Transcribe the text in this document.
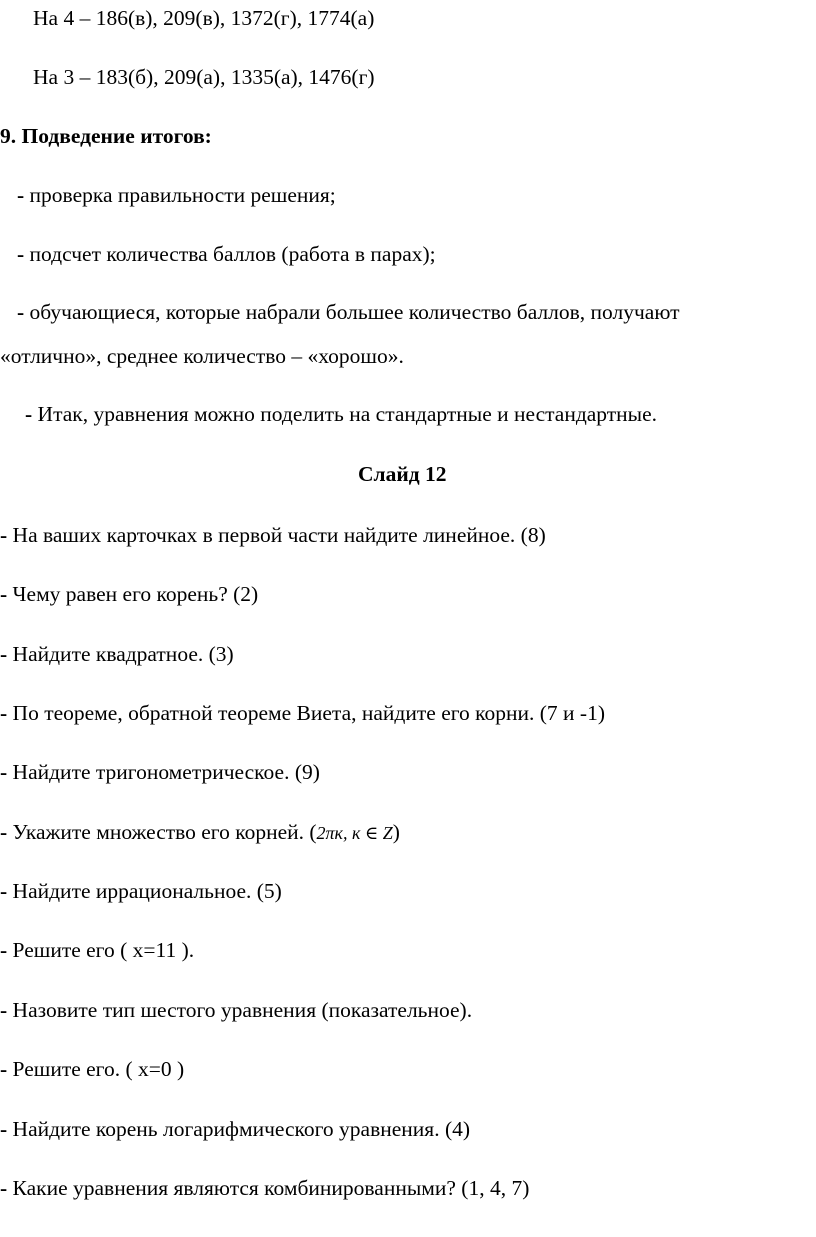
На 4 – 186(в), 209(в), 1372(г), 1774(а)
На 3 – 183(б), 209(а), 1335(а), 1476(г)
9. Подведение итогов:
- проверка правильности решения;
- подсчет количества баллов (работа в парах);
- обучающиеся, которые набрали большее количество баллов, получают
«отлично», среднее количество – «хорошо».
- Итак, уравнения можно поделить на стандартные и нестандартные.
Слайд 12
- На ваших карточках в первой части найдите линейное. (8)
- Чему равен его корень? (2)
- Найдите квадратное. (3)
- По теореме, обратной теореме Виета, найдите его корни. (7 и -1)
- Найдите тригонометрическое. (9)
- Укажите множество его корней. (2πк, к ∈ Z)
- Найдите иррациональное. (5)
- Решите его ( х=11 ).
- Назовите тип шестого уравнения (показательное).
- Решите его. ( х=0 )
- Найдите корень логарифмического уравнения. (4)
- Какие уравнения являются комбинированными? (1, 4, 7)
